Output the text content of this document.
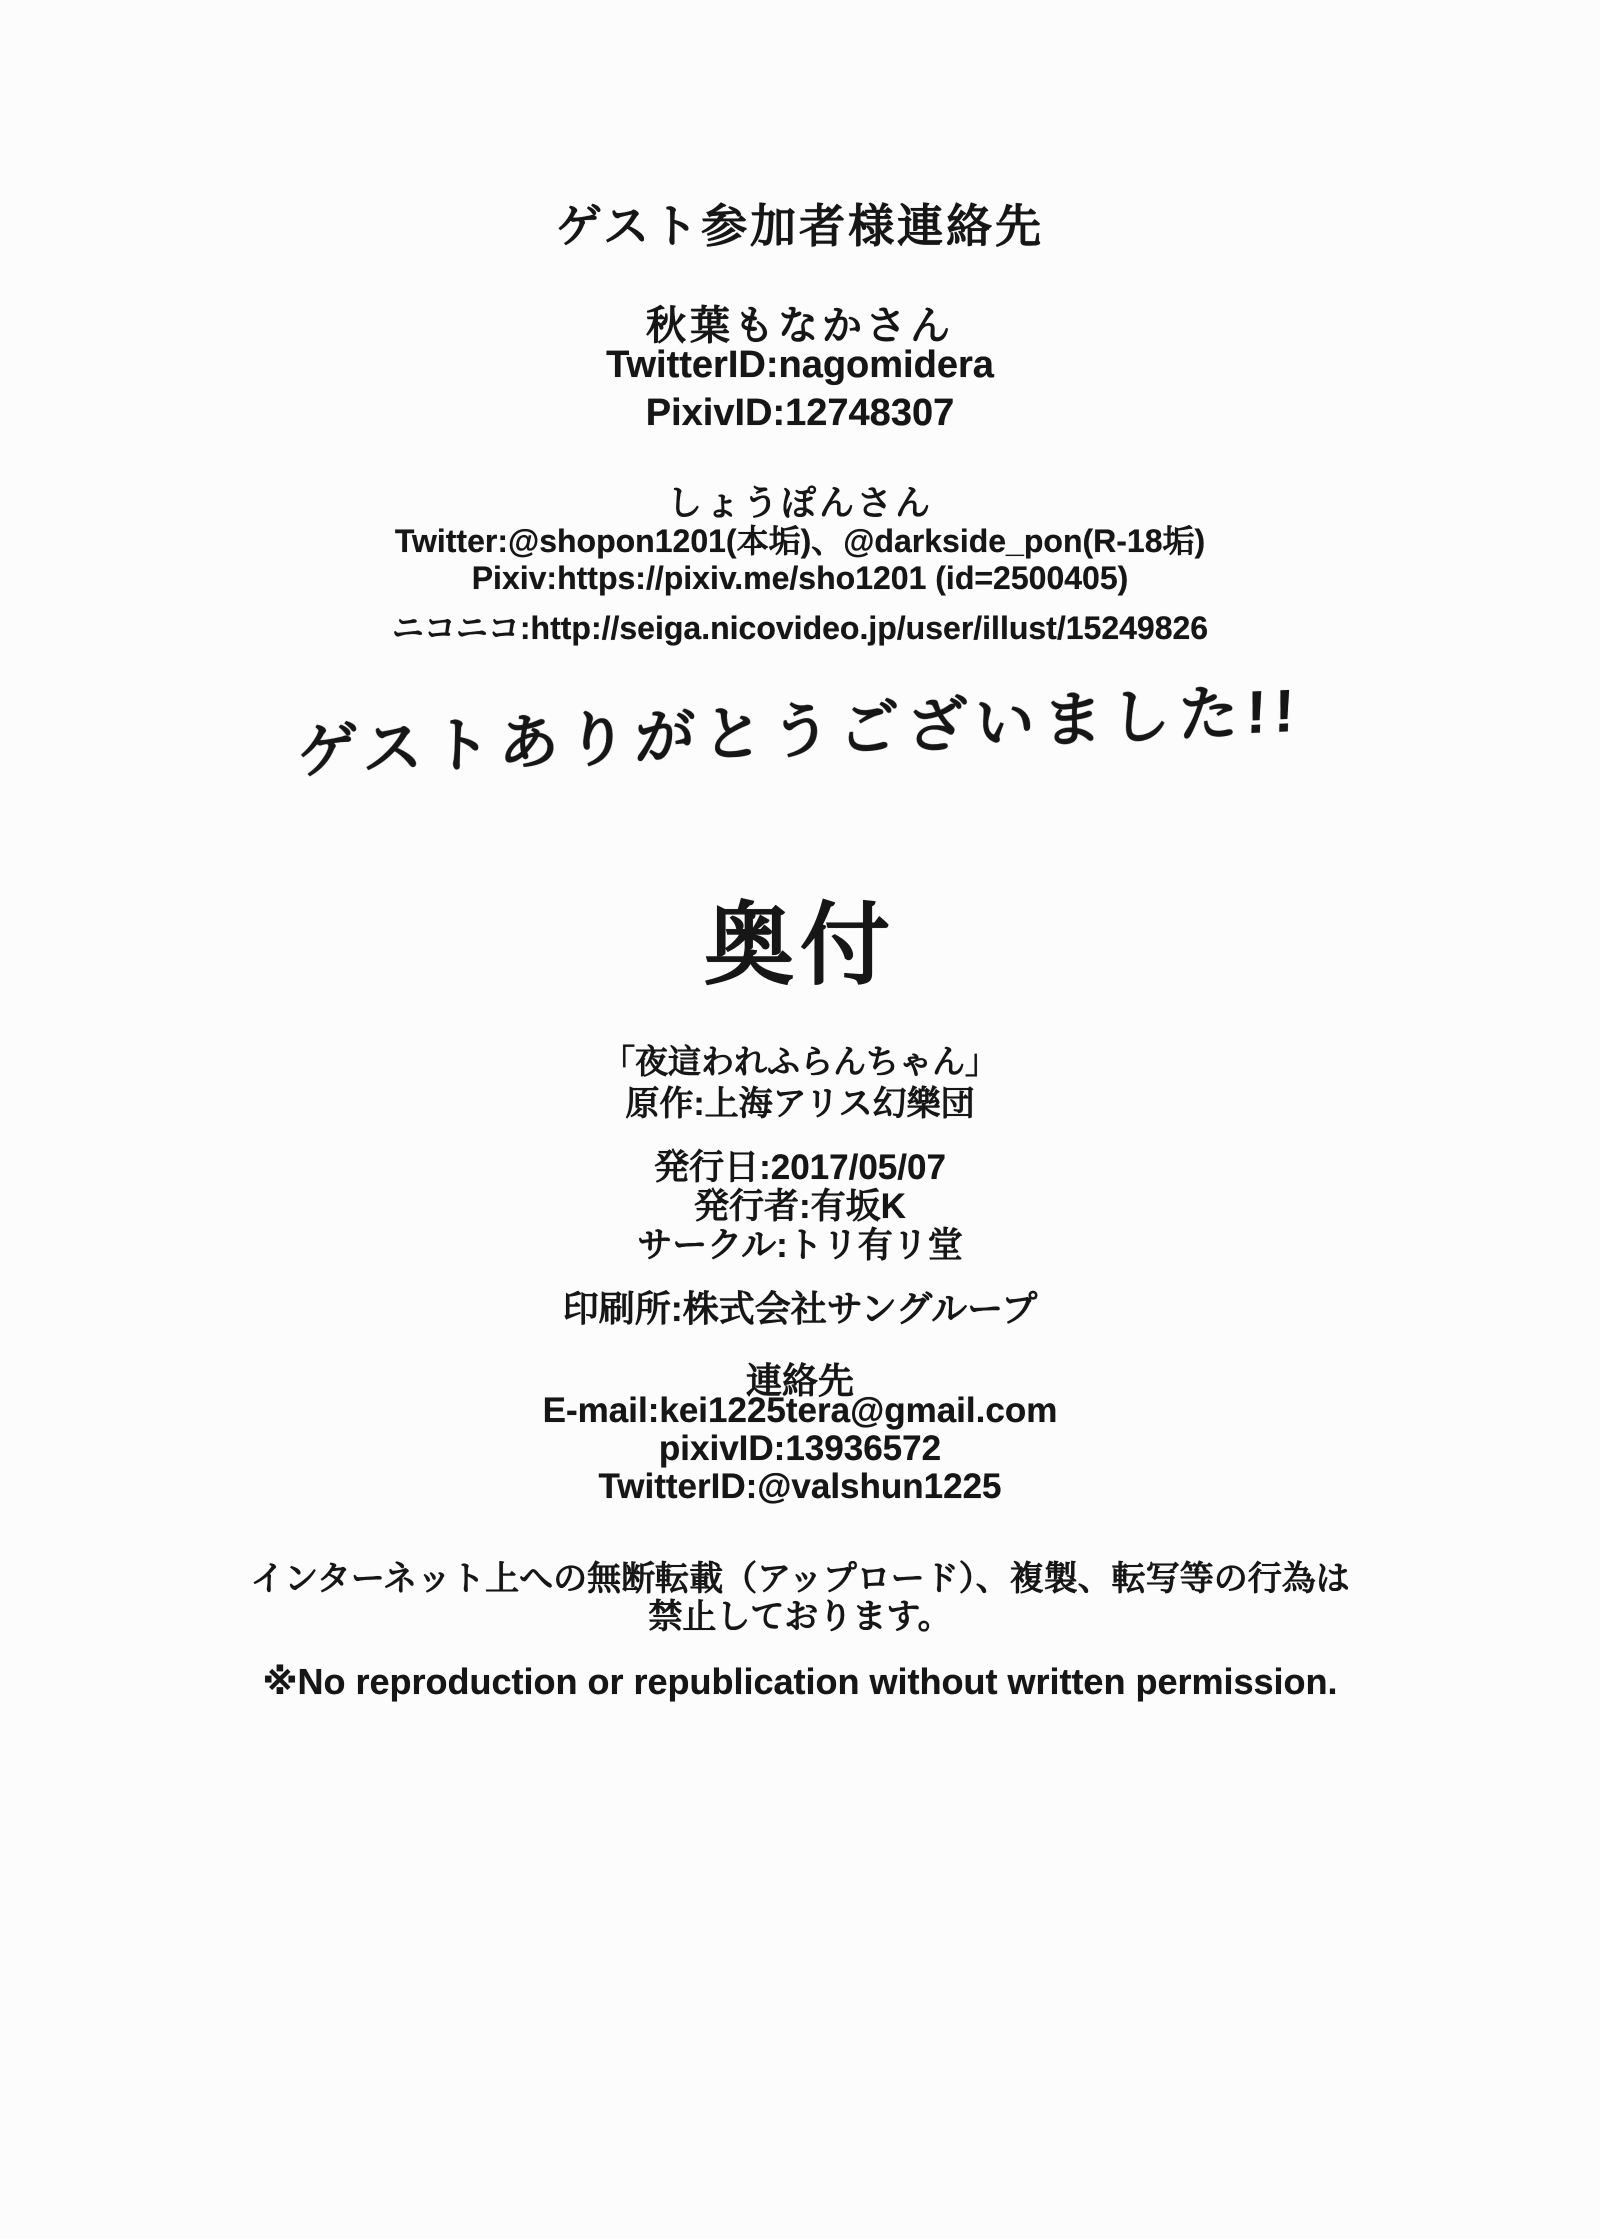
ゲスト参加者様連絡先
秋葉もなかさん
TwitterID:nagomidera
PixivID:12748307
しょうぽんさん
Twitter:@shopon1201(本垢)、@darkside_pon(R-18垢)
Pixiv:https://pixiv.me/sho1201 (id=2500405)
ニコニコ:http://seiga.nicovideo.jp/user/illust/15249826
ゲストありがとうございました!!
奥付
「夜這われふらんちゃん」
原作:上海アリス幻樂団
発行日:2017/05/07
発行者:有坂K
サークル:トリ有リ堂
印刷所:株式会社サングループ
連絡先
E-mail:kei1225tera@gmail.com
pixivID:13936572
TwitterID:@valshun1225
インターネット上への無断転載（アップロード）、複製、転写等の行為は
禁止しております。
※No reproduction or republication without written permission.
